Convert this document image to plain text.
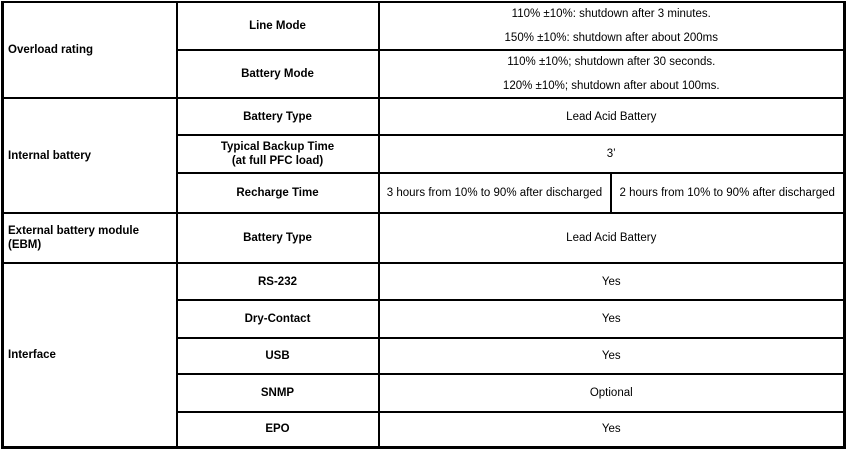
Overload rating	Line Mode	110% ±10%: shutdown after 3 minutes.
150% ±10%: shutdown after about 200ms	

	Battery Mode	110% ±10%; shutdown after 30 seconds.
120% ±10%; shutdown after about 100ms.	

Internal battery	Battery Type	Lead Acid Battery	

	Typical Backup Time
(at full PFC load)	3’	
	Recharge Time	3 hours from 10% to 90% after discharged	2 hours from 10% to 90% after discharged

External battery module
(EBM)	Battery Type	Lead Acid Battery	
Interface	RS-232	Yes	
	Dry-Contact	Yes	
	USB	Yes	
	SNMP	Optional	
	EPO	Yes	
